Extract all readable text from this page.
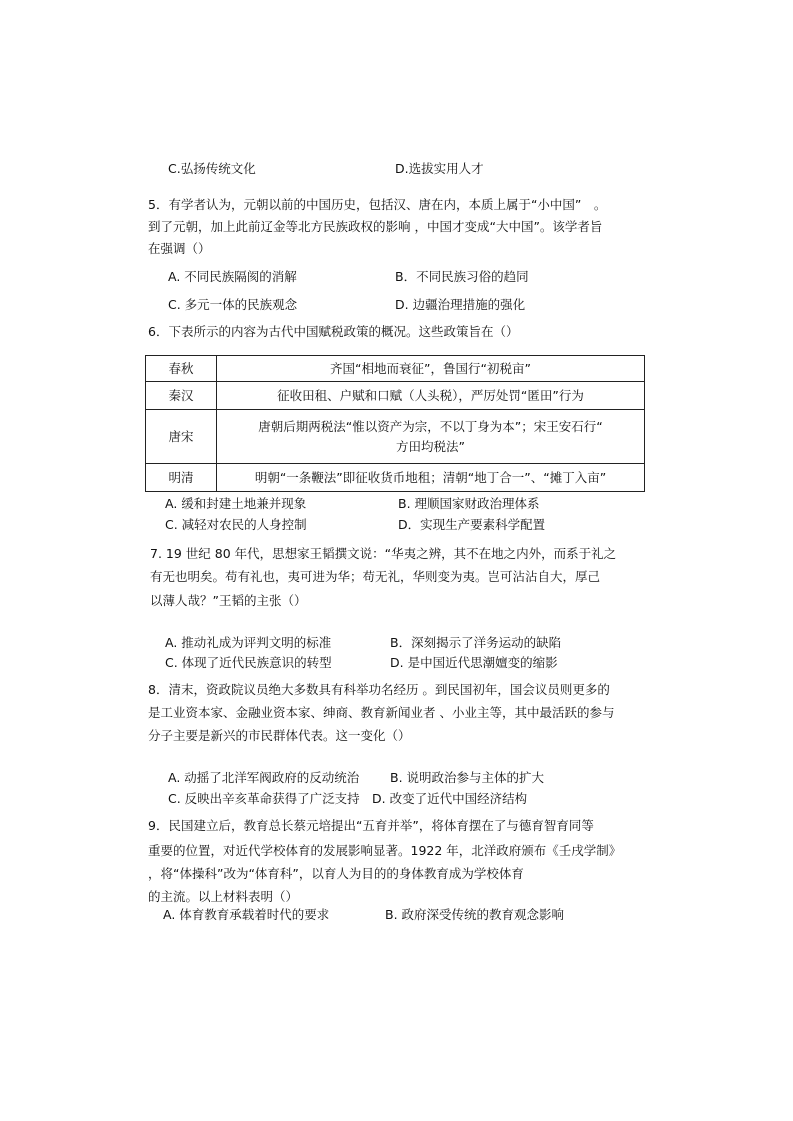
C.弘扬传统文化	D.选拔实用人才
5．有学者认为，元朝以前的中国历史，包括汉、唐在内，本质上属于“小中国”　。
到了元朝，加上此前辽金等北方民族政权的影响 ，中国才变成“大中国”。该学者旨
在强调（）
A. 不同民族隔阂的消解	B．不同民族习俗的趋同
C. 多元一体的民族观念	D. 边疆治理措施的强化
6．下表所示的内容为古代中国赋税政策的概况。这些政策旨在（）
春秋	齐国“相地而衰征”，鲁国行“初税亩”
秦汉	征收田租、户赋和口赋（人头税），严厉处罚“匿田”行为
唐宋	唐朝后期两税法“惟以资产为宗，不以丁身为本”；宋王安石行“
方田均税法”

明清	明朝“一条鞭法”即征收货币地租；清朝“地丁合一”、“摊丁入亩”
A. 缓和封建土地兼并现象	B. 理顺国家财政治理体系
C. 减轻对农民的人身控制	D．实现生产要素科学配置
7. 19 世纪 80 年代，思想家王韬撰文说：“华夷之辨，其不在地之内外，而系于礼之
有无也明矣。苟有礼也，夷可进为华；苟无礼，华则变为夷。岂可沾沾自大，厚己
以薄人哉？”王韬的主张（）
A. 推动礼成为评判文明的标准	B．深刻揭示了洋务运动的缺陷
C. 体现了近代民族意识的转型	D. 是中国近代思潮嬗变的缩影
8．清末，资政院议员绝大多数具有科举功名经历 。到民国初年，国会议员则更多的
是工业资本家、金融业资本家、绅商、教育新闻业者 、小业主等，其中最活跃的参与
分子主要是新兴的市民群体代表。这一变化（）
A. 动摇了北洋军阀政府的反动统治 B. 说明政治参与主体的扩大
C. 反映出辛亥革命获得了广泛支持 D. 改变了近代中国经济结构
9．民国建立后，教育总长蔡元培提出“五育并举”，将体育摆在了与德育智育同等
重要的位置，对近代学校体育的发展影响显著。1922 年，北洋政府颁布《壬戌学制》
，将“体操科”改为“体育科”，以育人为目的的身体教育成为学校体育
的主流。以上材料表明（）
A. 体育教育承载着时代的要求	B. 政府深受传统的教育观念影响
